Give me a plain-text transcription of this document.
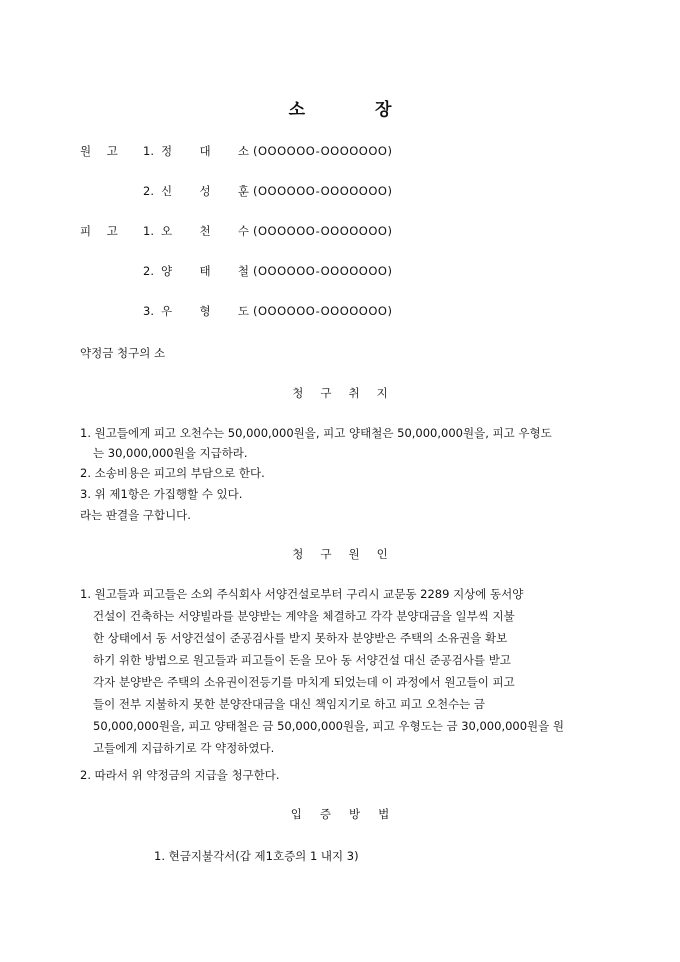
소	장
원 고	1. 정 대 소 (OOOOOO-OOOOOOO)
2. 신 성 훈 (OOOOOO-OOOOOOO)
피 고	1. 오 천 수 (OOOOOO-OOOOOOO)
2. 양 태 철 (OOOOOO-OOOOOOO)
3. 우 형 도 (OOOOOO-OOOOOOO)
약정금 청구의 소
청 구 취 지
1. 원고들에게 피고 오천수는 50,000,000원을, 피고 양태철은 50,000,000원을, 피고 우형도
는 30,000,000원을 지급하라.
2. 소송비용은 피고의 부담으로 한다.
3. 위 제1항은 가집행할 수 있다.
라는 판결을 구합니다.
청 구 원 인
1. 원고들과 피고들은 소외 주식회사 서양건설로부터 구리시 교문동 2289 지상에 동서양
건설이 건축하는 서양빌라를 분양받는 계약을 체결하고 각각 분양대금을 일부씩 지불
한 상태에서 동 서양건설이 준공검사를 받지 못하자 분양받은 주택의 소유권을 확보
하기 위한 방법으로 원고들과 피고들이 돈을 모아 동 서양건설 대신 준공검사를 받고
각자 분양받은 주택의 소유권이전등기를 마치게 되었는데 이 과정에서 원고들이 피고
들이 전부 지불하지 못한 분양잔대금을 대신 책임지기로 하고 피고 오천수는 금
50,000,000원을, 피고 양태철은 금 50,000,000원을, 피고 우형도는 금 30,000,000원을 원
고들에게 지급하기로 각 약정하였다.
2. 따라서 위 약정금의 지급을 청구한다.
입 증 방 법
1. 현금지불각서(갑 제1호증의 1 내지 3)
